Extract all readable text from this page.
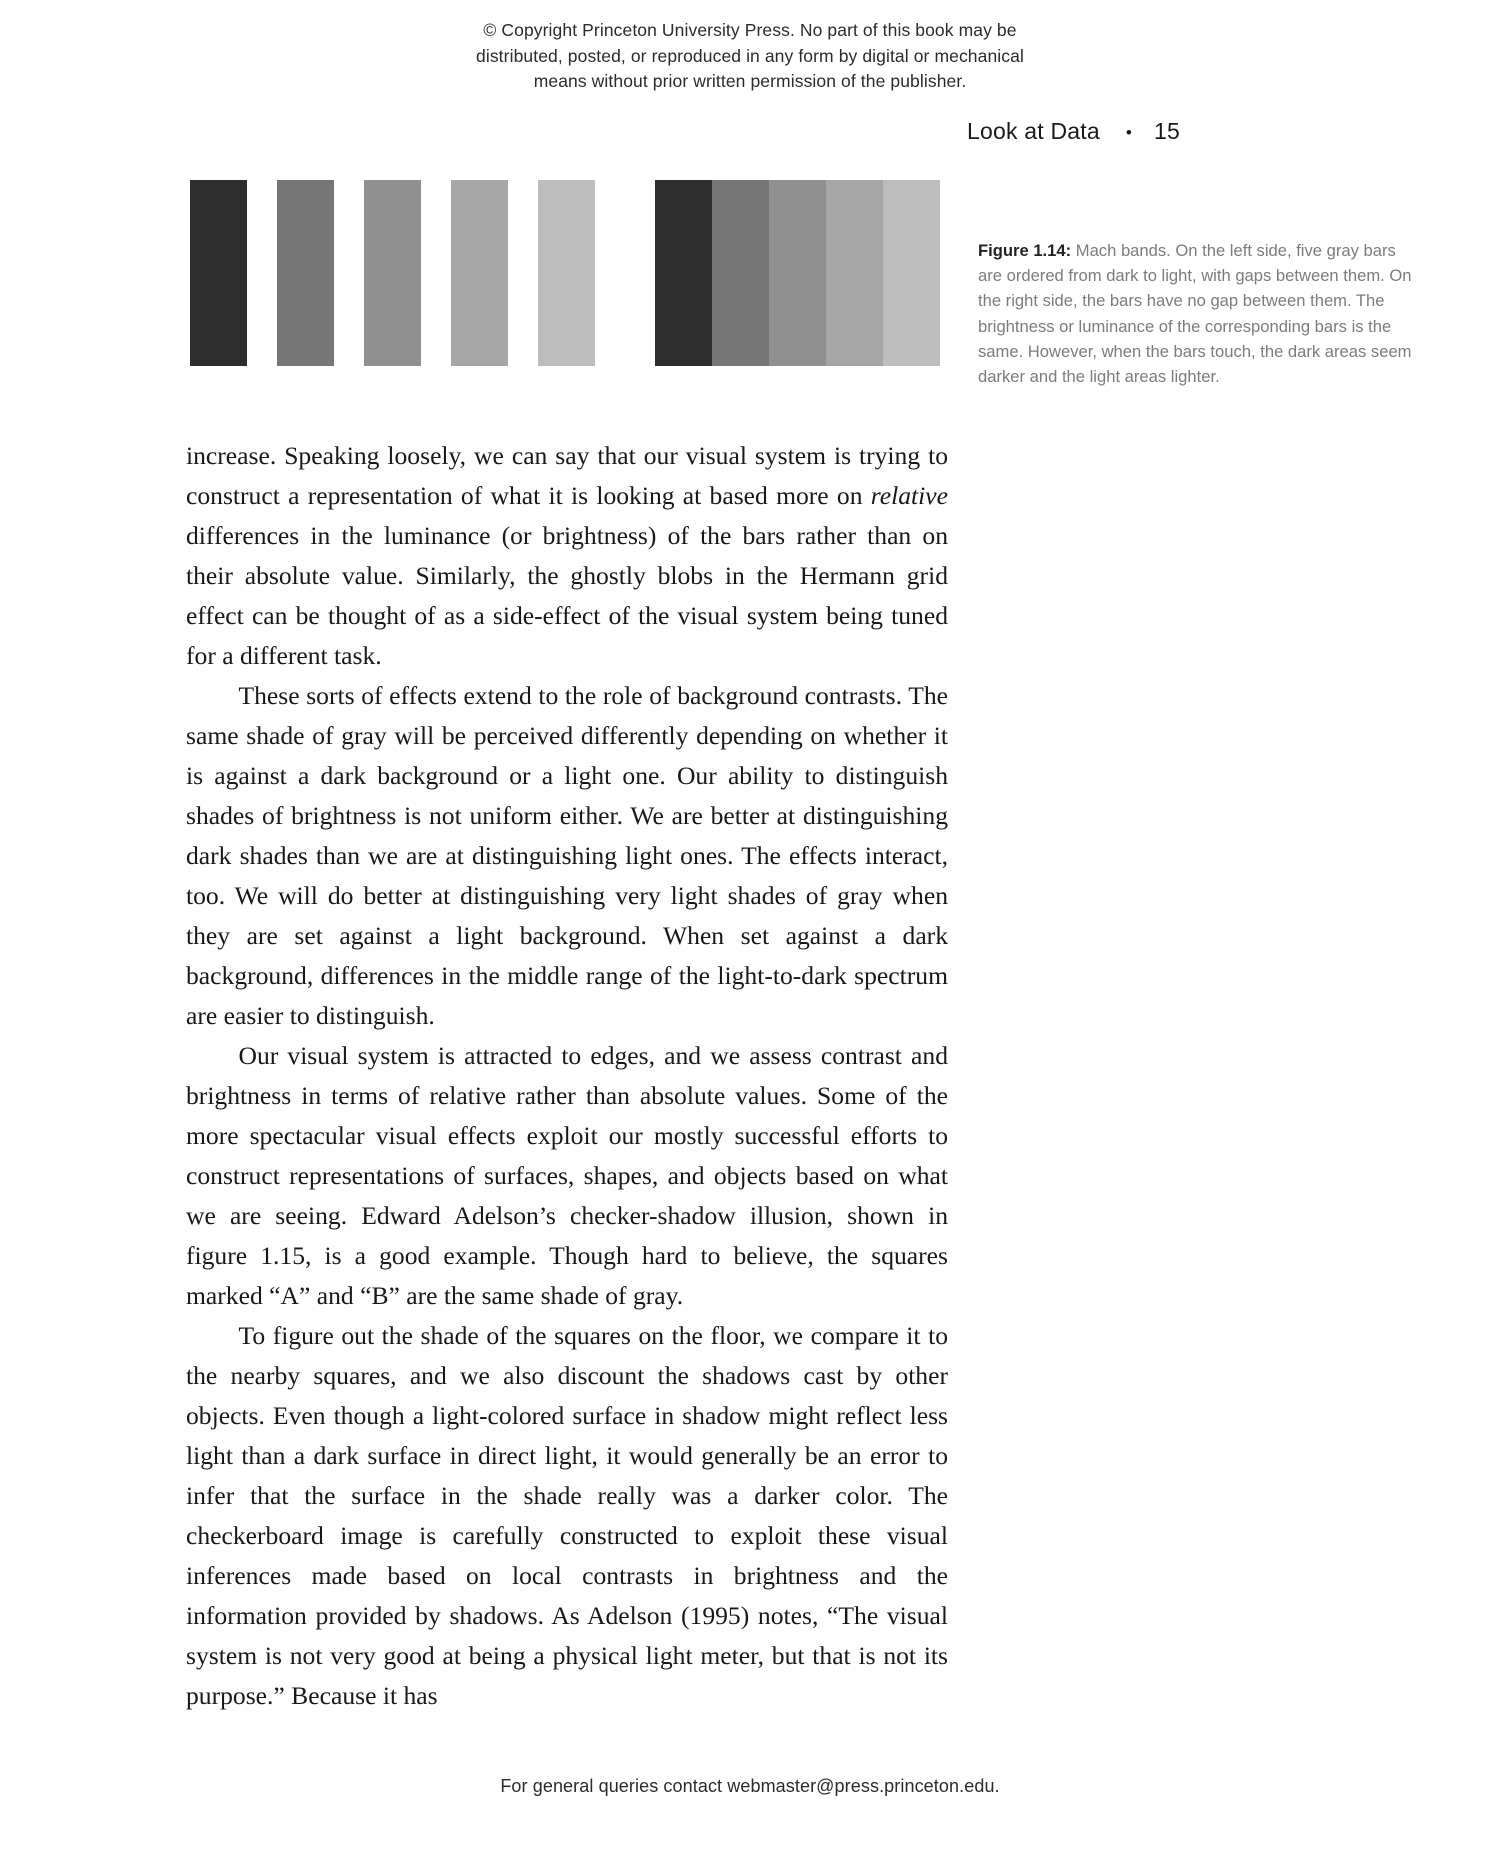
© Copyright Princeton University Press. No part of this book may be
distributed, posted, or reproduced in any form by digital or mechanical
means without prior written permission of the publisher.
Look at Data • 15
Figure 1.14: Mach bands. On the left side, five gray bars are ordered from dark to light, with gaps between them. On the right side, the bars have no gap between them. The brightness or luminance of the corresponding bars is the same. However, when the bars touch, the dark areas seem darker and the light areas lighter.

increase. Speaking loosely, we can say that our visual system is trying to construct a representation of what it is looking at based more on relative differences in the luminance (or brightness) of the bars rather than on their absolute value. Similarly, the ghostly blobs in the Hermann grid effect can be thought of as a side-effect of the visual system being tuned for a different task.

These sorts of effects extend to the role of background contrasts. The same shade of gray will be perceived differently depending on whether it is against a dark background or a light one. Our ability to distinguish shades of brightness is not uniform either. We are better at distinguishing dark shades than we are at distinguishing light ones. The effects interact, too. We will do better at distinguishing very light shades of gray when they are set against a light background. When set against a dark background, differences in the middle range of the light-to-dark spectrum are easier to distinguish.

Our visual system is attracted to edges, and we assess contrast and brightness in terms of relative rather than absolute values. Some of the more spectacular visual effects exploit our mostly successful efforts to construct representations of surfaces, shapes, and objects based on what we are seeing. Edward Adelson’s checker-shadow illusion, shown in figure 1.15, is a good example. Though hard to believe, the squares marked “A” and “B” are the same shade of gray.

To figure out the shade of the squares on the floor, we compare it to the nearby squares, and we also discount the shadows cast by other objects. Even though a light-colored surface in shadow might reflect less light than a dark surface in direct light, it would generally be an error to infer that the surface in the shade really was a darker color. The checkerboard image is carefully constructed to exploit these visual inferences made based on local contrasts in brightness and the information provided by shadows. As Adelson (1995) notes, “The visual system is not very good at being a physical light meter, but that is not its purpose.” Because it has

For general queries contact webmaster@press.princeton.edu.
